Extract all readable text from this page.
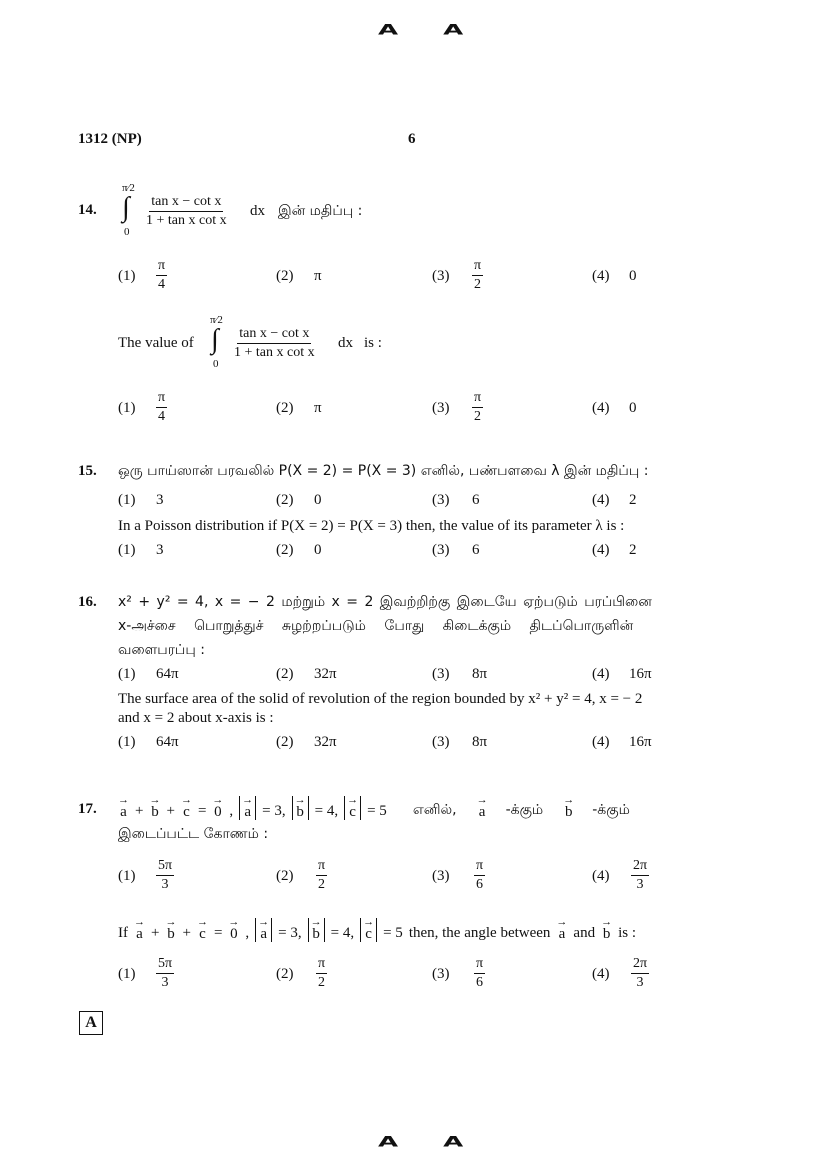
A A
1312 (NP)	6
14.
π⁄2
∫
0
$\frac{\text{tan x − cot x}}{\text{1 + tan x cot x}}$ dx இன் மதிப்பு :
$(1) \frac{\pi}{4}$	(2) π	$(3) \frac{\pi}{2}$	(4) 0
The value of
π⁄2
∫
0
$\frac{\text{tan x − cot x}}{\text{1 + tan x cot x}}$ dx is :
$(1) \frac{\pi}{4}$	(2) π	$(3) \frac{\pi}{2}$	(4) 0
15. ஒரு பாய்ஸான் பரவலில் P(X = 2) = P(X = 3) எனில், பண்பளவை λ இன் மதிப்பு :
(1) 3	(2) 0	(3) 6	(4) 2
In a Poisson distribution if P(X = 2) = P(X = 3) then, the value of its parameter λ is :
(1) 3	(2) 0	(3) 6	(4) 2
16. x² + y² = 4, x = − 2 மற்றும் x = 2 இவற்றிற்கு இடையே ஏற்படும் பரப்பினை
x-அச்சை பொறுத்துச் சுழற்றப்படும் போது கிடைக்கும் திடப்பொருளின்
வளைபரப்பு :
(1) 64π	(2) 32π	(3) 8π	(4) 16π
The surface area of the solid of revolution of the region bounded by x² + y² = 4, x = − 2
and x = 2 about x-axis is :
(1) 64π	(2) 32π	(3) 8π	(4) 16π
17.
→
a +
→
b +
→
c =
→
0 ,
→
a = 3,
→
b = 4,
→
c = 5 எனில்,
→
a -க்கும்
→
b -க்கும்
இடைப்பட்ட கோணம் :
$(1) \frac{5\pi}{3}$	$(2) \frac{\pi}{2}$	$(3) \frac{\pi}{6}$	$(4) \frac{2\pi}{3}$
If
→
a +
→
b +
→
c =
→
0 ,
→
a = 3,
→
b = 4,
→
c = 5 then, the angle between
→
a and
→
b is :
$(1) \frac{5\pi}{3}$	$(2) \frac{\pi}{2}$	$(3) \frac{\pi}{6}$	$(4) \frac{2\pi}{3}$
A
A A
